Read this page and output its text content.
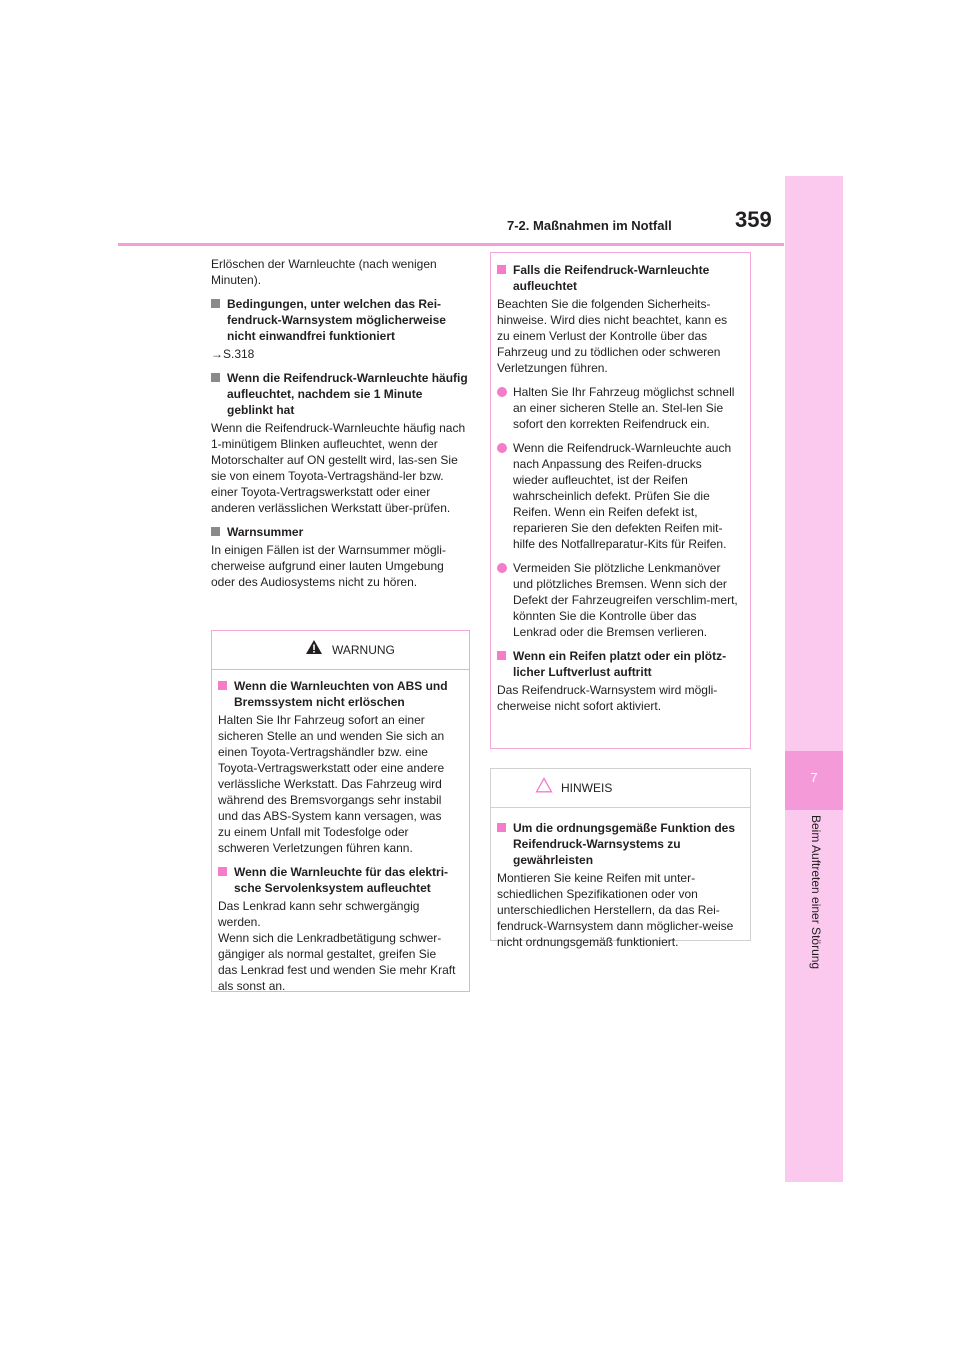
7
Beim Auftreten einer Störung
7-2. Maßnahmen im Notfall	359

Erlöschen der Warnleuchte (nach wenigen Minuten).

Bedingungen, unter welchen das Rei-fendruck-Warnsystem möglicherweise nicht einwandfrei funktioniert

→S.318

Wenn die Reifendruck-Warnleuchte häufig aufleuchtet, nachdem sie 1 Minute geblinkt hat

Wenn die Reifendruck-Warnleuchte häufig nach 1-minütigem Blinken aufleuchtet, wenn der Motorschalter auf ON gestellt wird, las-sen Sie sie von einem Toyota-Vertragshänd-ler bzw. einer Toyota-Vertragswerkstatt oder einer anderen verlässlichen Werkstatt über-prüfen.

Warnsummer

In einigen Fällen ist der Warnsummer mögli-cherweise aufgrund einer lauten Umgebung oder des Audiosystems nicht zu hören.

WARNUNG
Wenn die Warnleuchten von ABS und Bremssystem nicht erlöschen

Halten Sie Ihr Fahrzeug sofort an einer sicheren Stelle an und wenden Sie sich an einen Toyota-Vertragshändler bzw. eine Toyota-Vertragswerkstatt oder eine andere verlässliche Werkstatt. Das Fahrzeug wird während des Bremsvorgangs sehr instabil und das ABS-System kann versagen, was zu einem Unfall mit Todesfolge oder schweren Verletzungen führen kann.

Wenn die Warnleuchte für das elektri-sche Servolenksystem aufleuchtet

Das Lenkrad kann sehr schwergängig werden.

Wenn sich die Lenkradbetätigung schwer-gängiger als normal gestaltet, greifen Sie das Lenkrad fest und wenden Sie mehr Kraft als sonst an.

Falls die Reifendruck-Warnleuchte aufleuchtet

Beachten Sie die folgenden Sicherheits-hinweise. Wird dies nicht beachtet, kann es zu einem Verlust der Kontrolle über das Fahrzeug und zu tödlichen oder schweren Verletzungen führen.

Halten Sie Ihr Fahrzeug möglichst schnell an einer sicheren Stelle an. Stel-len Sie sofort den korrekten Reifendruck ein.
Wenn die Reifendruck-Warnleuchte auch nach Anpassung des Reifen-drucks wieder aufleuchtet, ist der Reifen wahrscheinlich defekt. Prüfen Sie die Reifen. Wenn ein Reifen defekt ist, reparieren Sie den defekten Reifen mit-hilfe des Notfallreparatur-Kits für Reifen.
Vermeiden Sie plötzliche Lenkmanöver und plötzliches Bremsen. Wenn sich der Defekt der Fahrzeugreifen verschlim-mert, könnten Sie die Kontrolle über das Lenkrad oder die Bremsen verlieren.
Wenn ein Reifen platzt oder ein plötz-licher Luftverlust auftritt

Das Reifendruck-Warnsystem wird mögli-cherweise nicht sofort aktiviert.

HINWEIS
Um die ordnungsgemäße Funktion des Reifendruck-Warnsystems zu gewährleisten

Montieren Sie keine Reifen mit unter-schiedlichen Spezifikationen oder von unterschiedlichen Herstellern, da das Rei-fendruck-Warnsystem dann möglicher-weise nicht ordnungsgemäß funktioniert.
